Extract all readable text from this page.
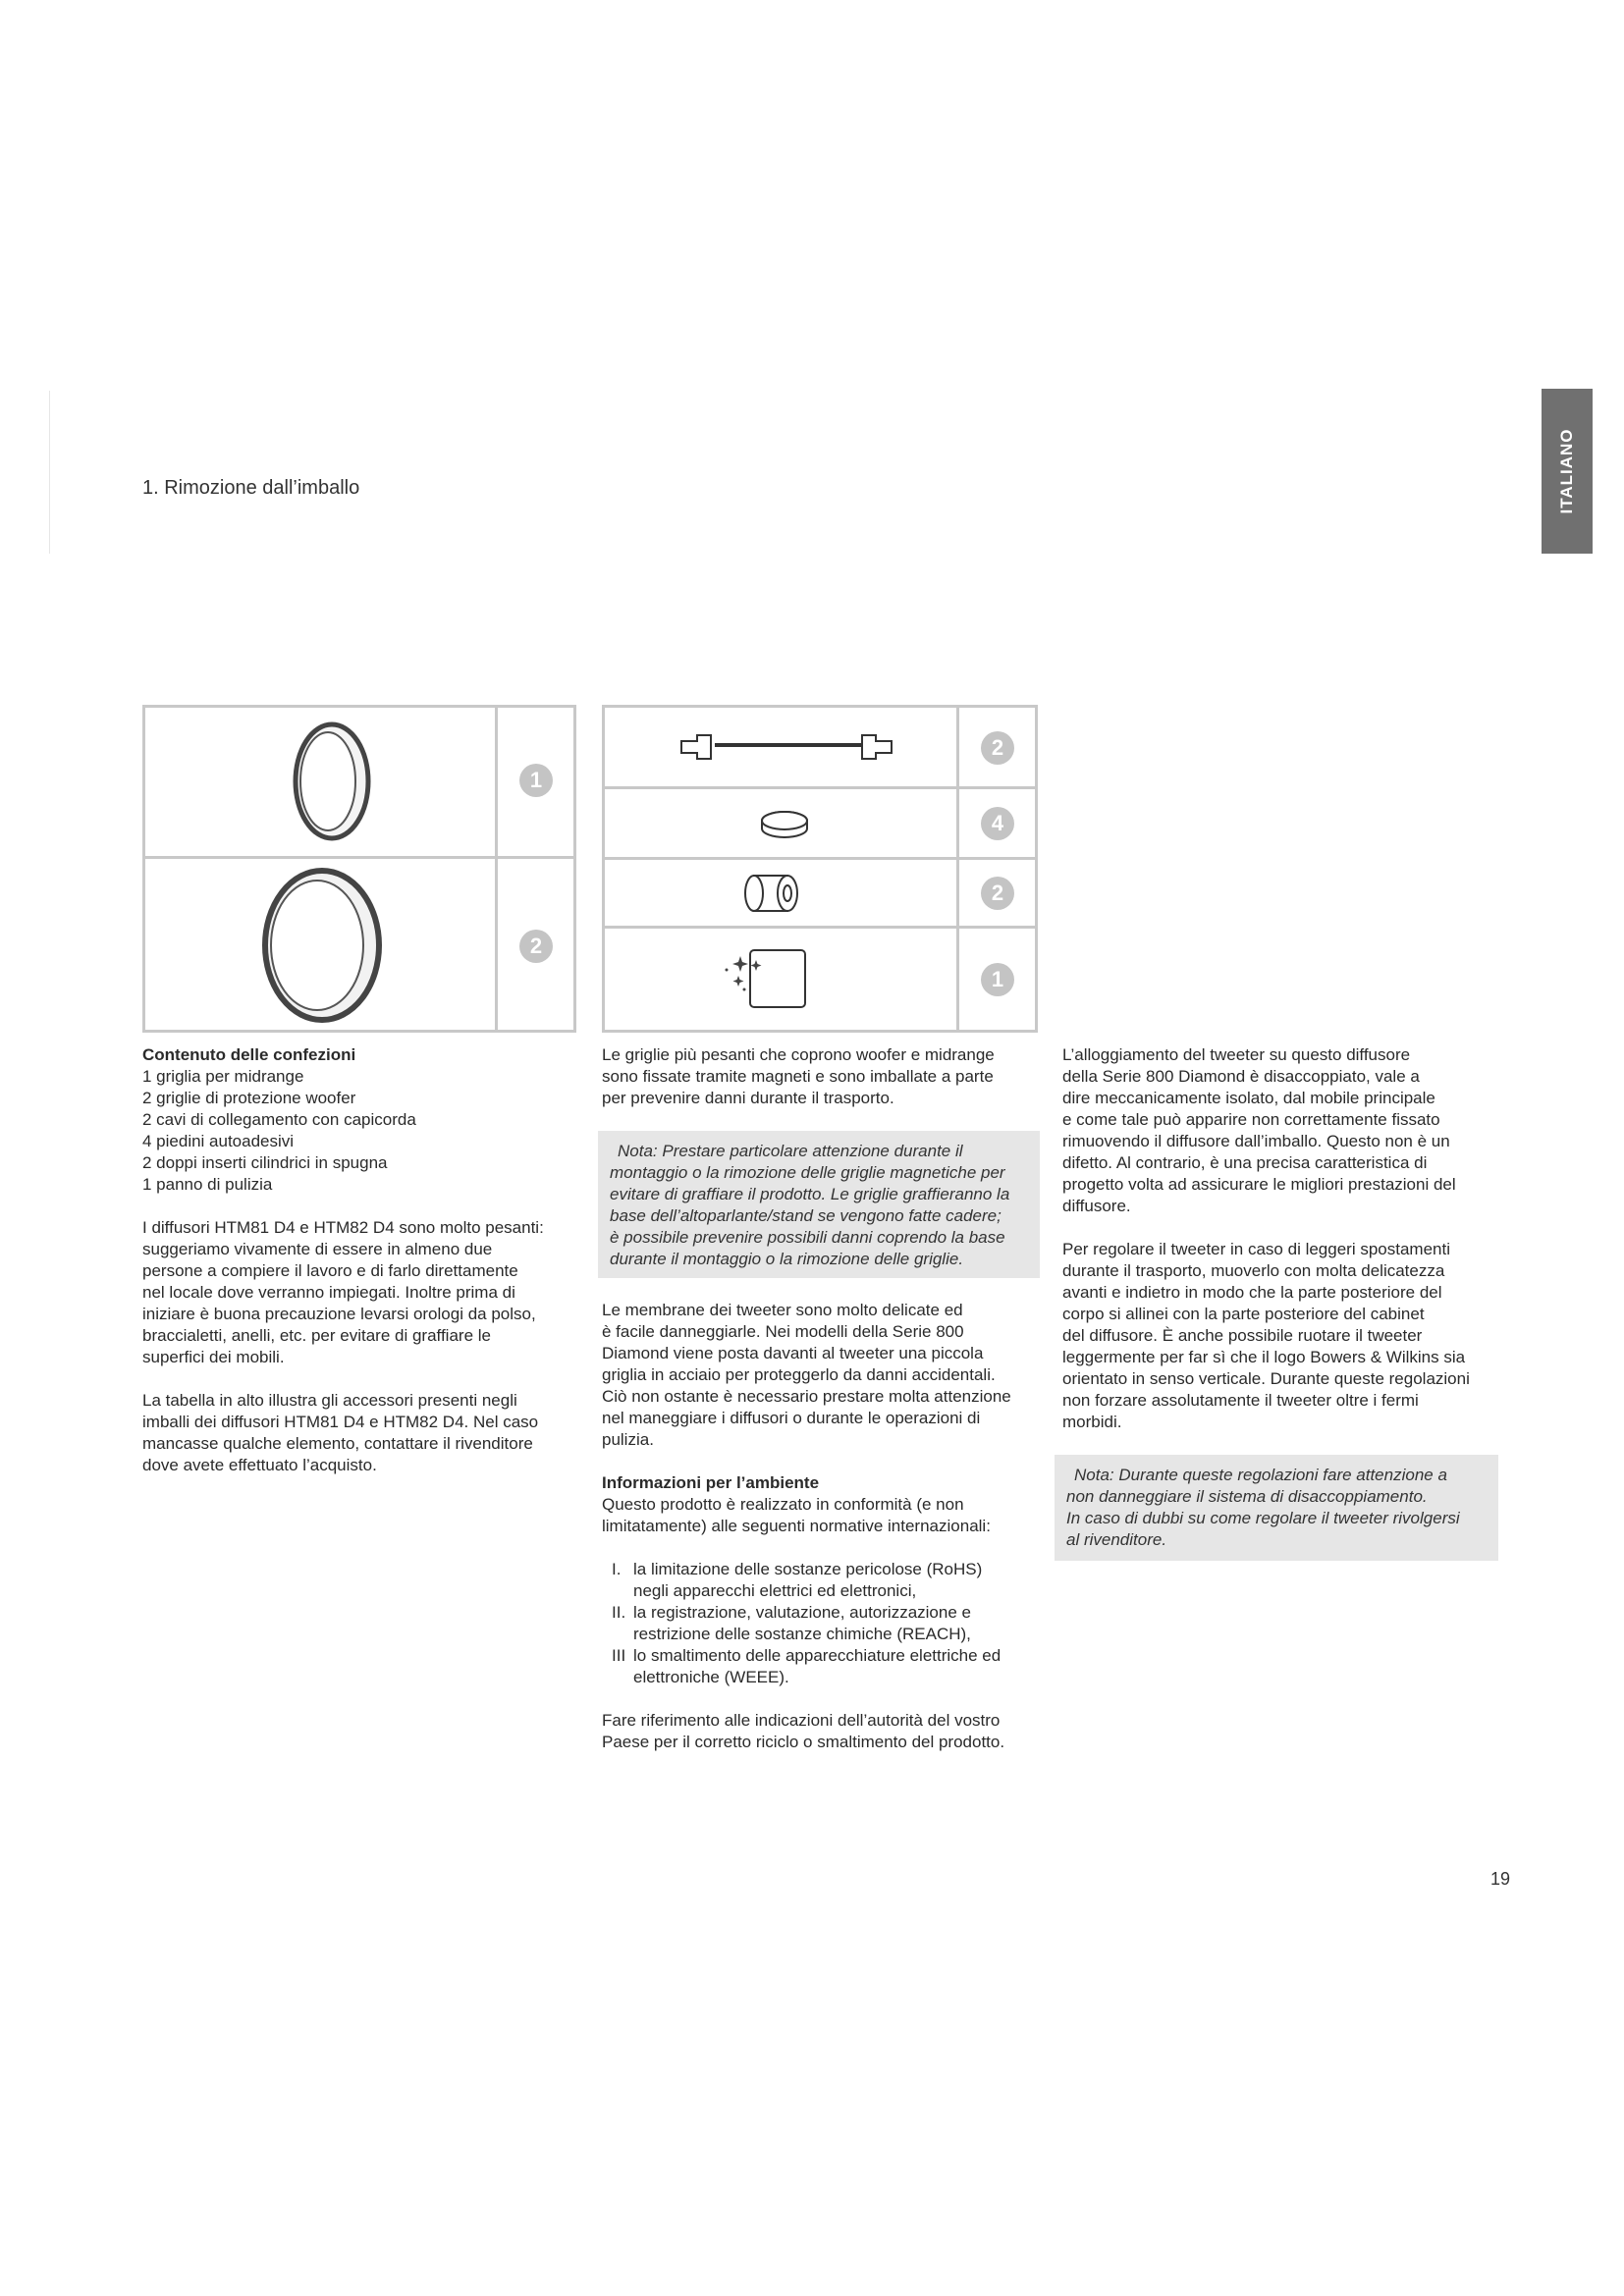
ITALIANO
1. Rimozione dall’imballo
1
2
2
4
2
1

Contenuto delle confezioni

1 griglia per midrange

2 griglie di protezione woofer

2 cavi di collegamento con capicorda

4 piedini autoadesivi

2 doppi inserti cilindrici in spugna

1 panno di pulizia

I diffusori HTM81 D4 e HTM82 D4 sono molto pesanti:

suggeriamo vivamente di essere in almeno due

persone a compiere il lavoro e di farlo direttamente

nel locale dove verranno impiegati. Inoltre prima di

iniziare è buona precauzione levarsi orologi da polso,

braccialetti, anelli, etc. per evitare di graffiare le

superfici dei mobili.

La tabella in alto illustra gli accessori presenti negli

imballi dei diffusori HTM81 D4 e HTM82 D4. Nel caso

mancasse qualche elemento, contattare il rivenditore

dove avete effettuato l’acquisto.

Le griglie più pesanti che coprono woofer e midrange

sono fissate tramite magneti e sono imballate a parte

per prevenire danni durante il trasporto.

Nota: Prestare particolare attenzione durante il

montaggio o la rimozione delle griglie magnetiche per

evitare di graffiare il prodotto. Le griglie graffieranno la

base dell’altoparlante/stand se vengono fatte cadere;

è possibile prevenire possibili danni coprendo la base

durante il montaggio o la rimozione delle griglie.

Le membrane dei tweeter sono molto delicate ed

è facile danneggiarle. Nei modelli della Serie 800

Diamond viene posta davanti al tweeter una piccola

griglia in acciaio per proteggerlo da danni accidentali.

Ciò non ostante è necessario prestare molta attenzione

nel maneggiare i diffusori o durante le operazioni di

pulizia.

Informazioni per l’ambiente

Questo prodotto è realizzato in conformità (e non

limitatamente) alle seguenti normative internazionali:

I. la limitazione delle sostanze pericolose (RoHS)

negli apparecchi elettrici ed elettronici,

II. la registrazione, valutazione, autorizzazione e

restrizione delle sostanze chimiche (REACH),

III lo smaltimento delle apparecchiature elettriche ed

elettroniche (WEEE).

Fare riferimento alle indicazioni dell’autorità del vostro

Paese per il corretto riciclo o smaltimento del prodotto.

L’alloggiamento del tweeter su questo diffusore

della Serie 800 Diamond è disaccoppiato, vale a

dire meccanicamente isolato, dal mobile principale

e come tale può apparire non correttamente fissato

rimuovendo il diffusore dall’imballo. Questo non è un

difetto. Al contrario, è una precisa caratteristica di

progetto volta ad assicurare le migliori prestazioni del

diffusore.

Per regolare il tweeter in caso di leggeri spostamenti

durante il trasporto, muoverlo con molta delicatezza

avanti e indietro in modo che la parte posteriore del

corpo si allinei con la parte posteriore del cabinet

del diffusore. È anche possibile ruotare il tweeter

leggermente per far sì che il logo Bowers & Wilkins sia

orientato in senso verticale. Durante queste regolazioni

non forzare assolutamente il tweeter oltre i fermi

morbidi.

Nota: Durante queste regolazioni fare attenzione a

non danneggiare il sistema di disaccoppiamento.

In caso di dubbi su come regolare il tweeter rivolgersi

al rivenditore.

19
